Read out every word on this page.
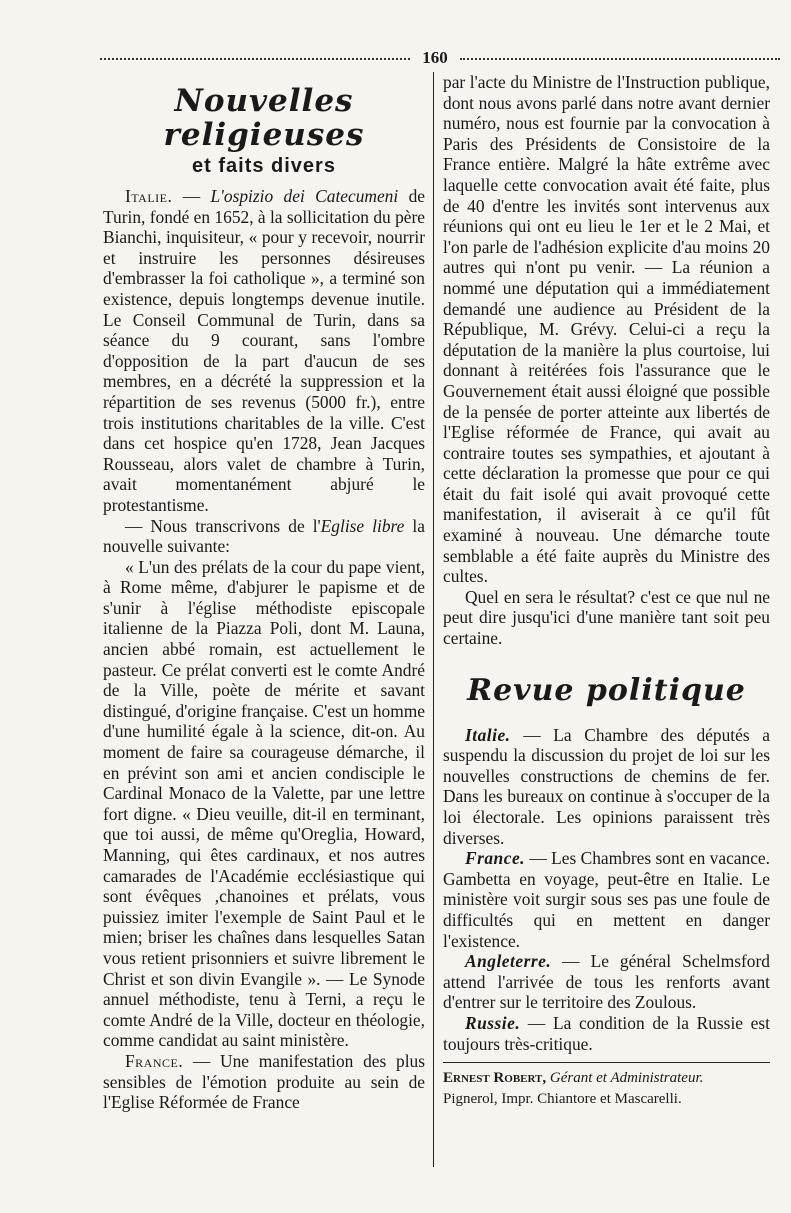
160
Nouvelles religieuses
et faits divers

Italie. — L'ospizio dei Catecumeni de Turin, fondé en 1652, à la sollicitation du père Bianchi, inquisiteur, « pour y recevoir, nourrir et instruire les personnes désireuses d'embrasser la foi catholique », a terminé son existence, depuis longtemps devenue inutile. Le Conseil Communal de Turin, dans sa séance du 9 courant, sans l'ombre d'opposition de la part d'aucun de ses membres, en a décrété la suppression et la répartition de ses revenus (5000 fr.), entre trois institutions charitables de la ville. C'est dans cet hospice qu'en 1728, Jean Jacques Rousseau, alors valet de chambre à Turin, avait momentanément abjuré le protestantisme.

— Nous transcrivons de l'Eglise libre la nouvelle suivante:

« L'un des prélats de la cour du pape vient, à Rome même, d'abjurer le papisme et de s'unir à l'église méthodiste episcopale italienne de la Piazza Poli, dont M. Launa, ancien abbé romain, est actuellement le pasteur. Ce prélat converti est le comte André de la Ville, poète de mérite et savant distingué, d'origine française. C'est un homme d'une humilité égale à la science, dit-on. Au moment de faire sa courageuse démarche, il en prévint son ami et ancien condisciple le Cardinal Monaco de la Valette, par une lettre fort digne. « Dieu veuille, dit-il en terminant, que toi aussi, de même qu'Oreglia, Howard, Manning, qui êtes cardinaux, et nos autres camarades de l'Académie ecclésiastique qui sont évêques ,chanoines et prélats, vous puissiez imiter l'exemple de Saint Paul et le mien; briser les chaînes dans lesquelles Satan vous retient prisonniers et suivre librement le Christ et son divin Evangile ». — Le Synode annuel méthodiste, tenu à Terni, a reçu le comte André de la Ville, docteur en théologie, comme candidat au saint ministère.

France. — Une manifestation des plus sensibles de l'émotion produite au sein de l'Eglise Réformée de France

par l'acte du Ministre de l'Instruction publique, dont nous avons parlé dans notre avant dernier numéro, nous est fournie par la convocation à Paris des Présidents de Consistoire de la France entière. Malgré la hâte extrême avec laquelle cette convocation avait été faite, plus de 40 d'entre les invités sont intervenus aux réunions qui ont eu lieu le 1er et le 2 Mai, et l'on parle de l'adhésion explicite d'au moins 20 autres qui n'ont pu venir. — La réunion a nommé une députation qui a immédiatement demandé une audience au Président de la République, M. Grévy. Celui-ci a reçu la députation de la manière la plus courtoise, lui donnant à reitérées fois l'assurance que le Gouvernement était aussi éloigné que possible de la pensée de porter atteinte aux libertés de l'Eglise réformée de France, qui avait au contraire toutes ses sympathies, et ajoutant à cette déclaration la promesse que pour ce qui était du fait isolé qui avait provoqué cette manifestation, il aviserait à ce qu'il fût examiné à nouveau. Une démarche toute semblable a été faite auprès du Ministre des cultes.

Quel en sera le résultat? c'est ce que nul ne peut dire jusqu'ici d'une manière tant soit peu certaine.

Revue politique

Italie. — La Chambre des députés a suspendu la discussion du projet de loi sur les nouvelles constructions de chemins de fer. Dans les bureaux on continue à s'occuper de la loi électorale. Les opinions paraissent très diverses.

France. — Les Chambres sont en vacance. Gambetta en voyage, peut-être en Italie. Le ministère voit surgir sous ses pas une foule de difficultés qui en mettent en danger l'existence.

Angleterre. — Le général Schelmsford attend l'arrivée de tous les renforts avant d'entrer sur le territoire des Zoulous.

Russie. — La condition de la Russie est toujours très-critique.

Ernest Robert, Gérant et Administrateur.

Pignerol, Impr. Chiantore et Mascarelli.
